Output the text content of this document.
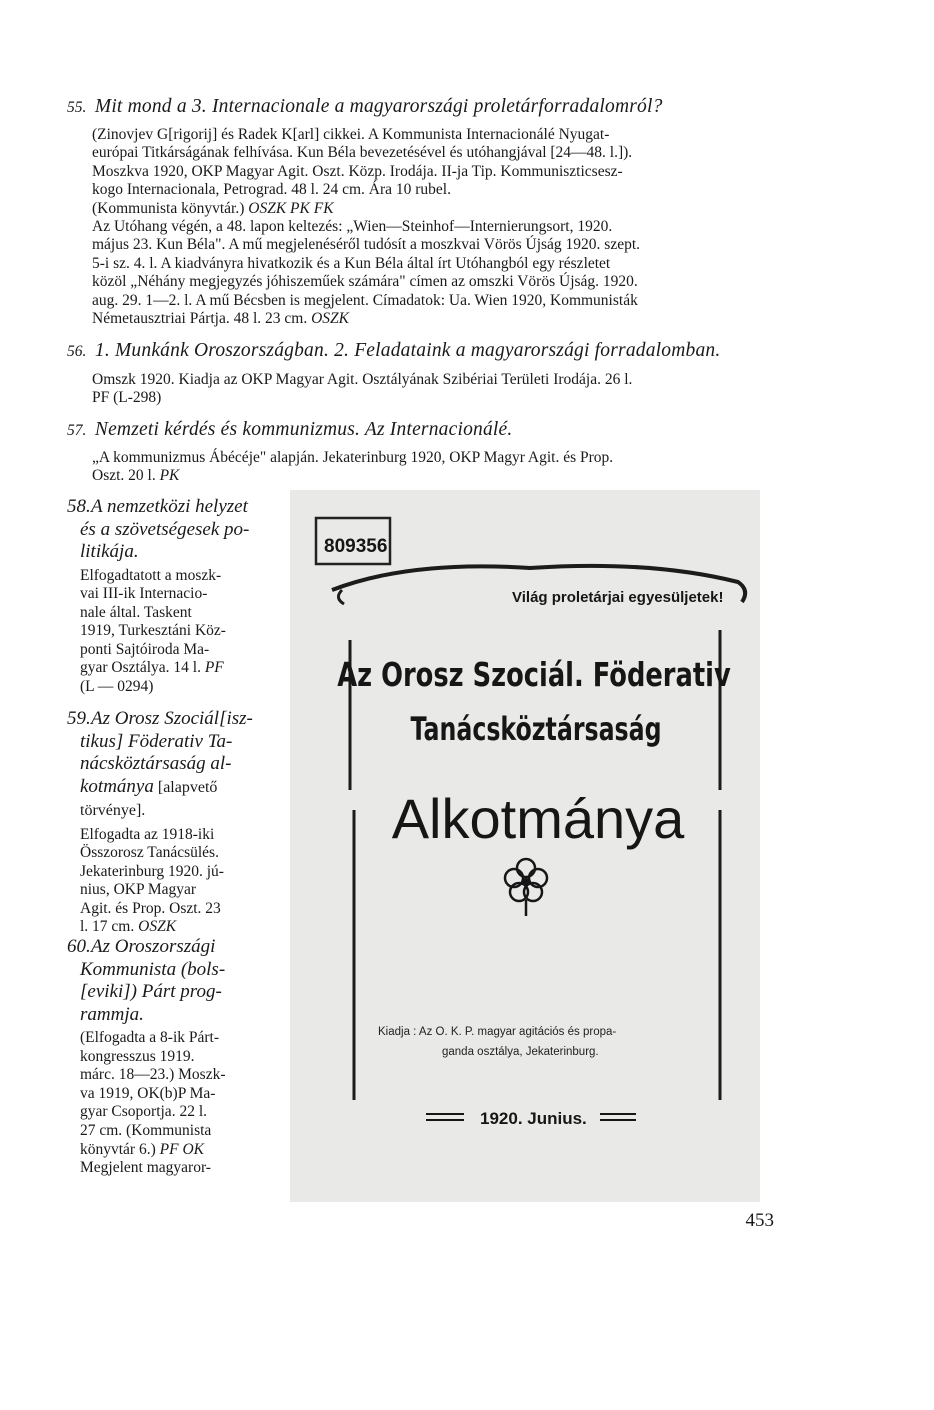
55. Mit mond a 3. Internacionale a magyarországi proletárforradalomról?

(Zinovjev G[rigorij] és Radek K[arl] cikkei. A Kommunista Internacionálé Nyugat-

európai Titkárságának felhívása. Kun Béla bevezetésével és utóhangjával [24—48. l.]).

Moszkva 1920, OKP Magyar Agit. Oszt. Közp. Irodája. II-ja Tip. Kommuniszticsesz-

kogo Internacionala, Petrograd. 48 l. 24 cm. Ára 10 rubel.

(Kommunista könyvtár.) OSZK PK FK

Az Utóhang végén, a 48. lapon keltezés: „Wien—Steinhof—Internierungsort, 1920.

május 23. Kun Béla". A mű megjelenéséről tudósít a moszkvai Vörös Újság 1920. szept.

5-i sz. 4. l. A kiadványra hivatkozik és a Kun Béla által írt Utóhangból egy részletet

közöl „Néhány megjegyzés jóhiszeműek számára" címen az omszki Vörös Újság. 1920.

aug. 29. 1—2. l. A mű Bécsben is megjelent. Címadatok: Ua. Wien 1920, Kommunisták

Németausztriai Pártja. 48 l. 23 cm. OSZK

56. 1. Munkánk Oroszországban. 2. Feladataink a magyarországi forradalomban.

Omszk 1920. Kiadja az OKP Magyar Agit. Osztályának Szibériai Területi Irodája. 26 l.

PF (L-298)

57. Nemzeti kérdés és kommunizmus. Az Internacionálé.

„A kommunizmus Ábécéje" alapján. Jekaterinburg 1920, OKP Magyr Agit. és Prop.

Oszt. 20 l. PK

58.A nemzetközi helyzet
és a szövetségesek po-
litikája.
Elfogadtatott a moszk-
vai III-ik Internacio-
nale által. Taskent
1919, Turkesztáni Köz-
ponti Sajtóiroda Ma-
gyar Osztálya. 14 l. PF
(L — 0294)
59.Az Orosz Szociál[isz-
tikus] Föderativ Ta-
nácsköztársaság al-
kotmánya [alapvető
törvénye].
Elfogadta az 1918-iki
Összorosz Tanácsülés.
Jekaterinburg 1920. jú-
nius, OKP Magyar
Agit. és Prop. Oszt. 23
l. 17 cm. OSZK
60.Az Oroszországi
Kommunista (bols-
[eviki]) Párt prog-
rammja.
(Elfogadta a 8-ik Párt-
kongresszus 1919.
márc. 18—23.) Moszk-
va 1919, OK(b)P Ma-
gyar Csoportja. 22 l.
27 cm. (Kommunista
könyvtár 6.) PF OK
Megjelent magyaror-
809356
Világ proletárjai egyesüljetek!
Az Orosz Szociál. Föderativ
Tanácsköztársaság
Alkotmánya
Kiadja : Az O. K. P. magyar agitációs és propa-
ganda osztálya, Jekaterinburg.
1920. Junius.
453
